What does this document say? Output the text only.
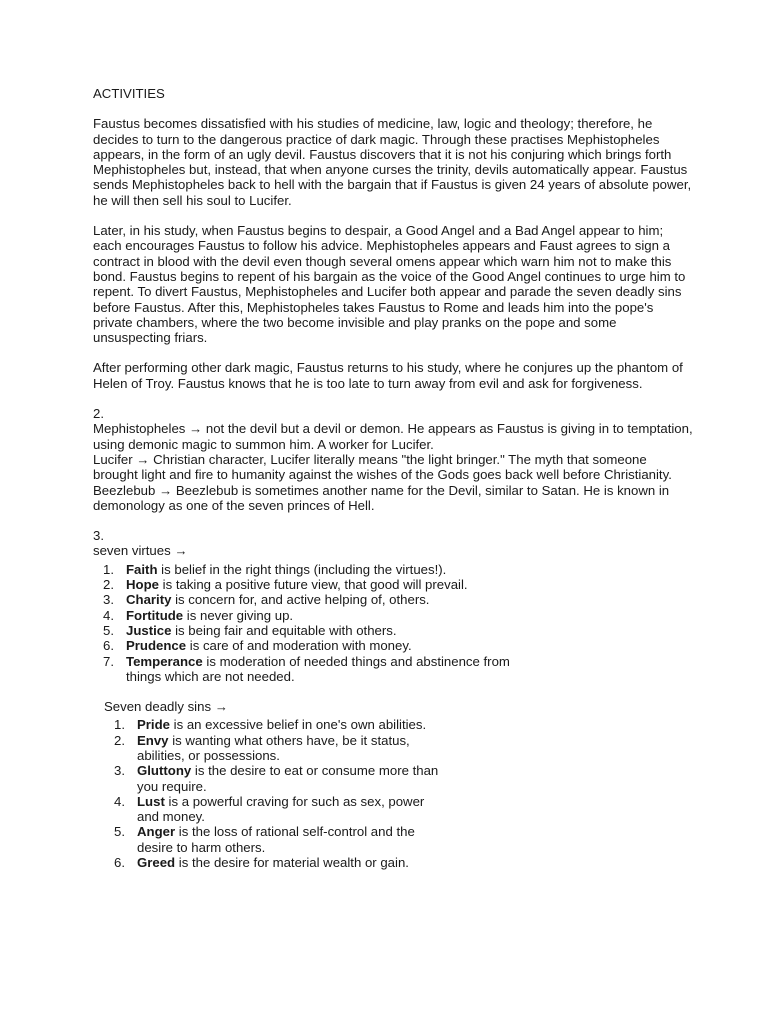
ACTIVITIES

Faustus becomes dissatisfied with his studies of medicine, law, logic and theology; therefore, he decides to turn to the dangerous practice of dark magic. Through these practises Mephistopheles appears, in the form of an ugly devil. Faustus discovers that it is not his conjuring which brings forth Mephistopheles but, instead, that when anyone curses the trinity, devils automatically appear. Faustus sends Mephistopheles back to hell with the bargain that if Faustus is given 24 years of absolute power, he will then sell his soul to Lucifer.

Later, in his study, when Faustus begins to despair, a Good Angel and a Bad Angel appear to him; each encourages Faustus to follow his advice. Mephistopheles appears and Faust agrees to sign a contract in blood with the devil even though several omens appear which warn him not to make this bond. Faustus begins to repent of his bargain as the voice of the Good Angel continues to urge him to repent. To divert Faustus, Mephistopheles and Lucifer both appear and parade the seven deadly sins before Faustus. After this, Mephistopheles takes Faustus to Rome and leads him into the pope's private chambers, where the two become invisible and play pranks on the pope and some unsuspecting friars.

After performing other dark magic, Faustus returns to his study, where he conjures up the phantom of Helen of Troy. Faustus knows that he is too late to turn away from evil and ask for forgiveness.

2.

Mephistopheles → not the devil but a devil or demon. He appears as Faustus is giving in to temptation, using demonic magic to summon him. A worker for Lucifer.

Lucifer → Christian character, Lucifer literally means "the light bringer." The myth that someone brought light and fire to humanity against the wishes of the Gods goes back well before Christianity.

Beezlebub → Beezlebub is sometimes another name for the Devil, similar to Satan. He is known in demonology as one of the seven princes of Hell.

3.

seven virtues →

1. Faith is belief in the right things (including the virtues!).
2. Hope is taking a positive future view, that good will prevail.
3. Charity is concern for, and active helping of, others.
4. Fortitude is never giving up.
5. Justice is being fair and equitable with others.
6. Prudence is care of and moderation with money.
7. Temperance is moderation of needed things and abstinence from things which are not needed.

Seven deadly sins →

1. Pride is an excessive belief in one's own abilities.
2. Envy is wanting what others have, be it status, abilities, or possessions.
3. Gluttony is the desire to eat or consume more than you require.
4. Lust is a powerful craving for such as sex, power and money.
5. Anger is the loss of rational self-control and the desire to harm others.
6. Greed is the desire for material wealth or gain.
